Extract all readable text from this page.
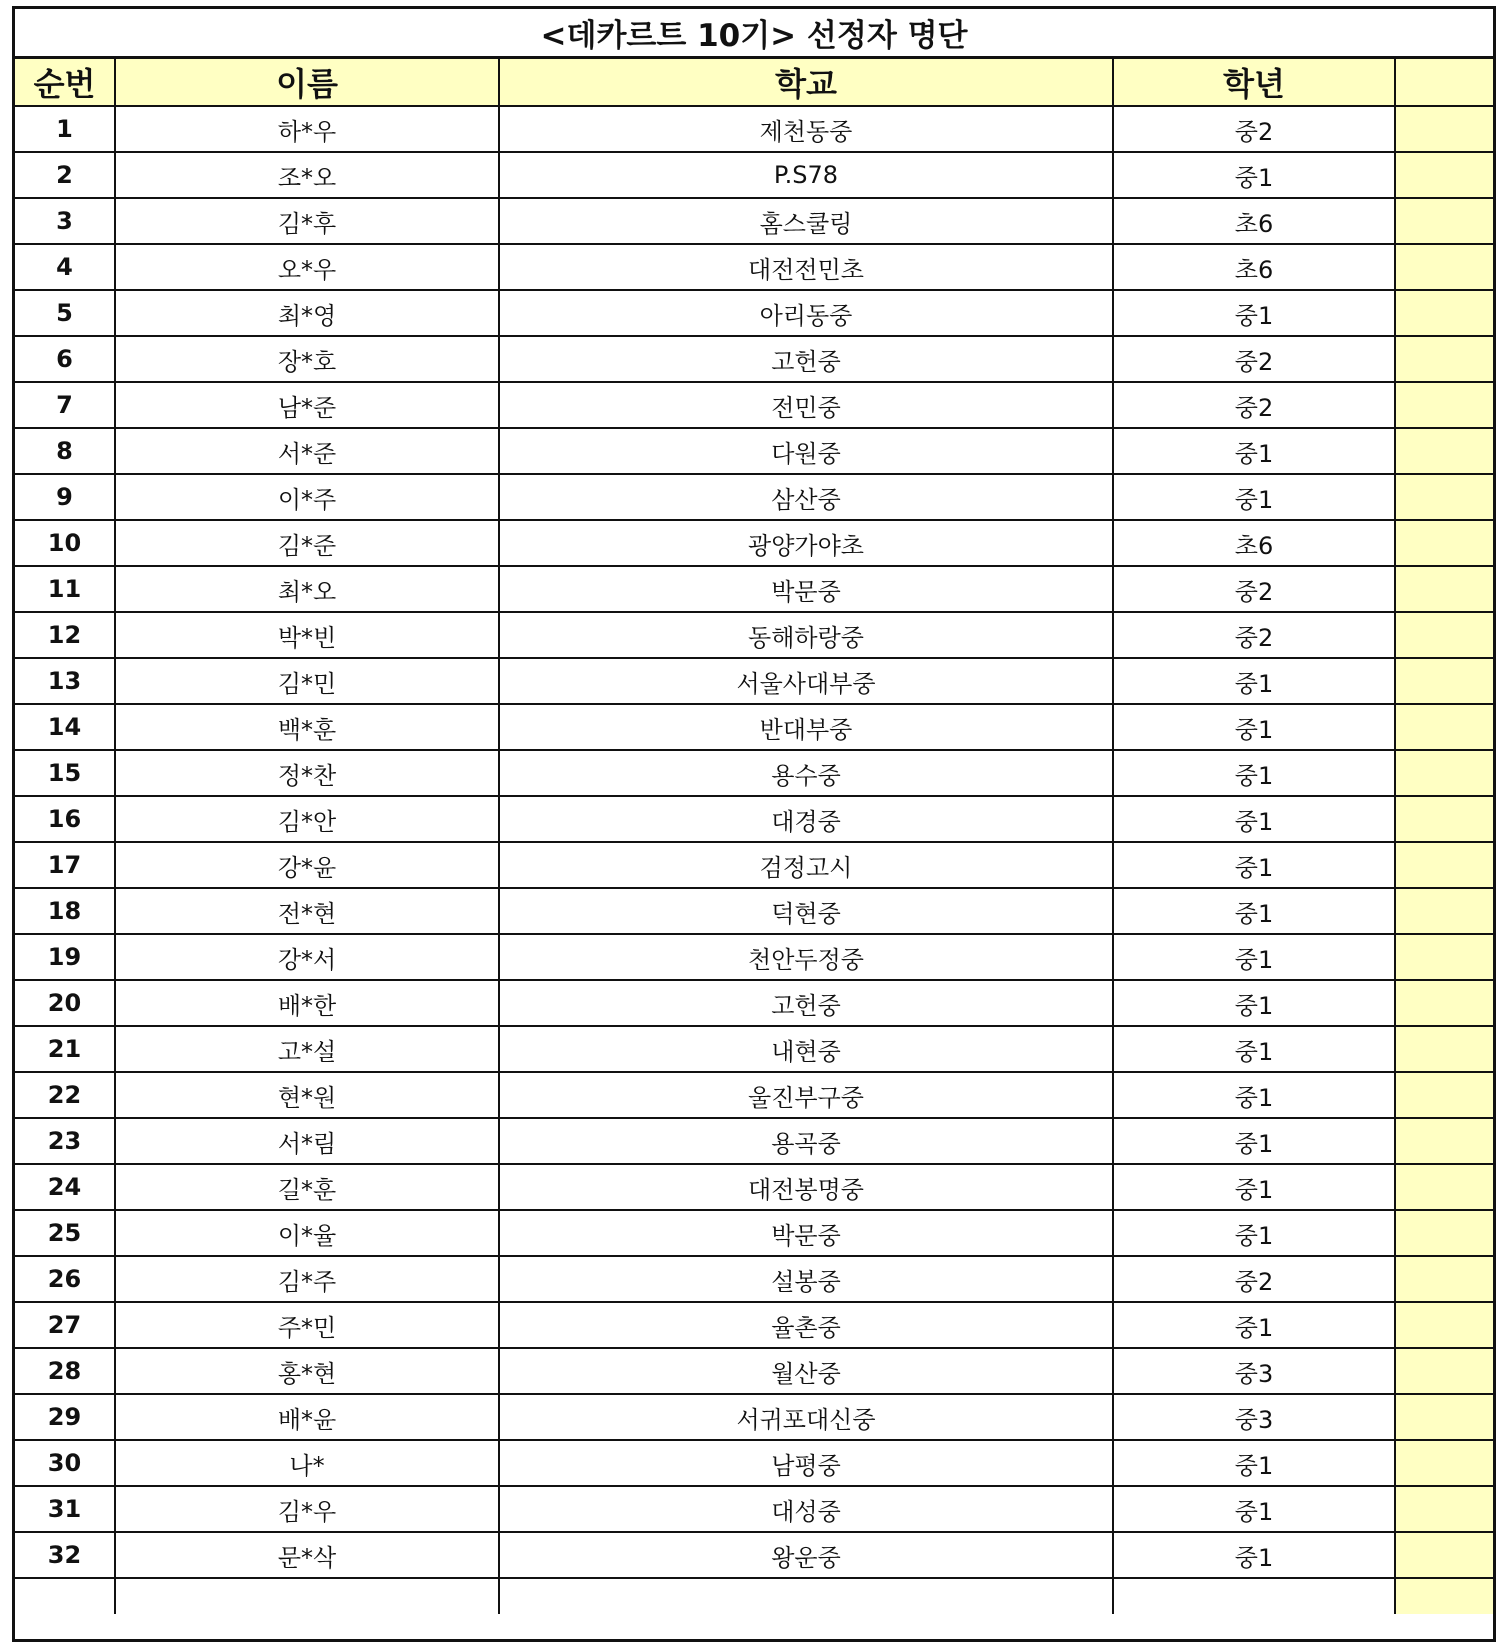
<데카르트 10기> 선정자 명단
순번	이름	학교	학년	
1	하*우	제천동중	중2	
2	조*오	P.S78	중1	
3	김*후	홈스쿨링	초6	
4	오*우	대전전민초	초6	
5	최*영	아리동중	중1	
6	장*호	고헌중	중2	
7	남*준	전민중	중2	
8	서*준	다원중	중1	
9	이*주	삼산중	중1	
10	김*준	광양가야초	초6	
11	최*오	박문중	중2	
12	박*빈	동해하랑중	중2	
13	김*민	서울사대부중	중1	
14	백*훈	반대부중	중1	
15	정*찬	용수중	중1	
16	김*안	대경중	중1	
17	강*윤	검정고시	중1	
18	전*현	덕현중	중1	
19	강*서	천안두정중	중1	
20	배*한	고헌중	중1	
21	고*설	내현중	중1	
22	현*원	울진부구중	중1	
23	서*림	용곡중	중1	
24	길*훈	대전봉명중	중1	
25	이*율	박문중	중1	
26	김*주	설봉중	중2	
27	주*민	율촌중	중1	
28	홍*현	월산중	중3	
29	배*윤	서귀포대신중	중3	
30	나*	남평중	중1	
31	김*우	대성중	중1	
32	문*삭	왕운중	중1	
